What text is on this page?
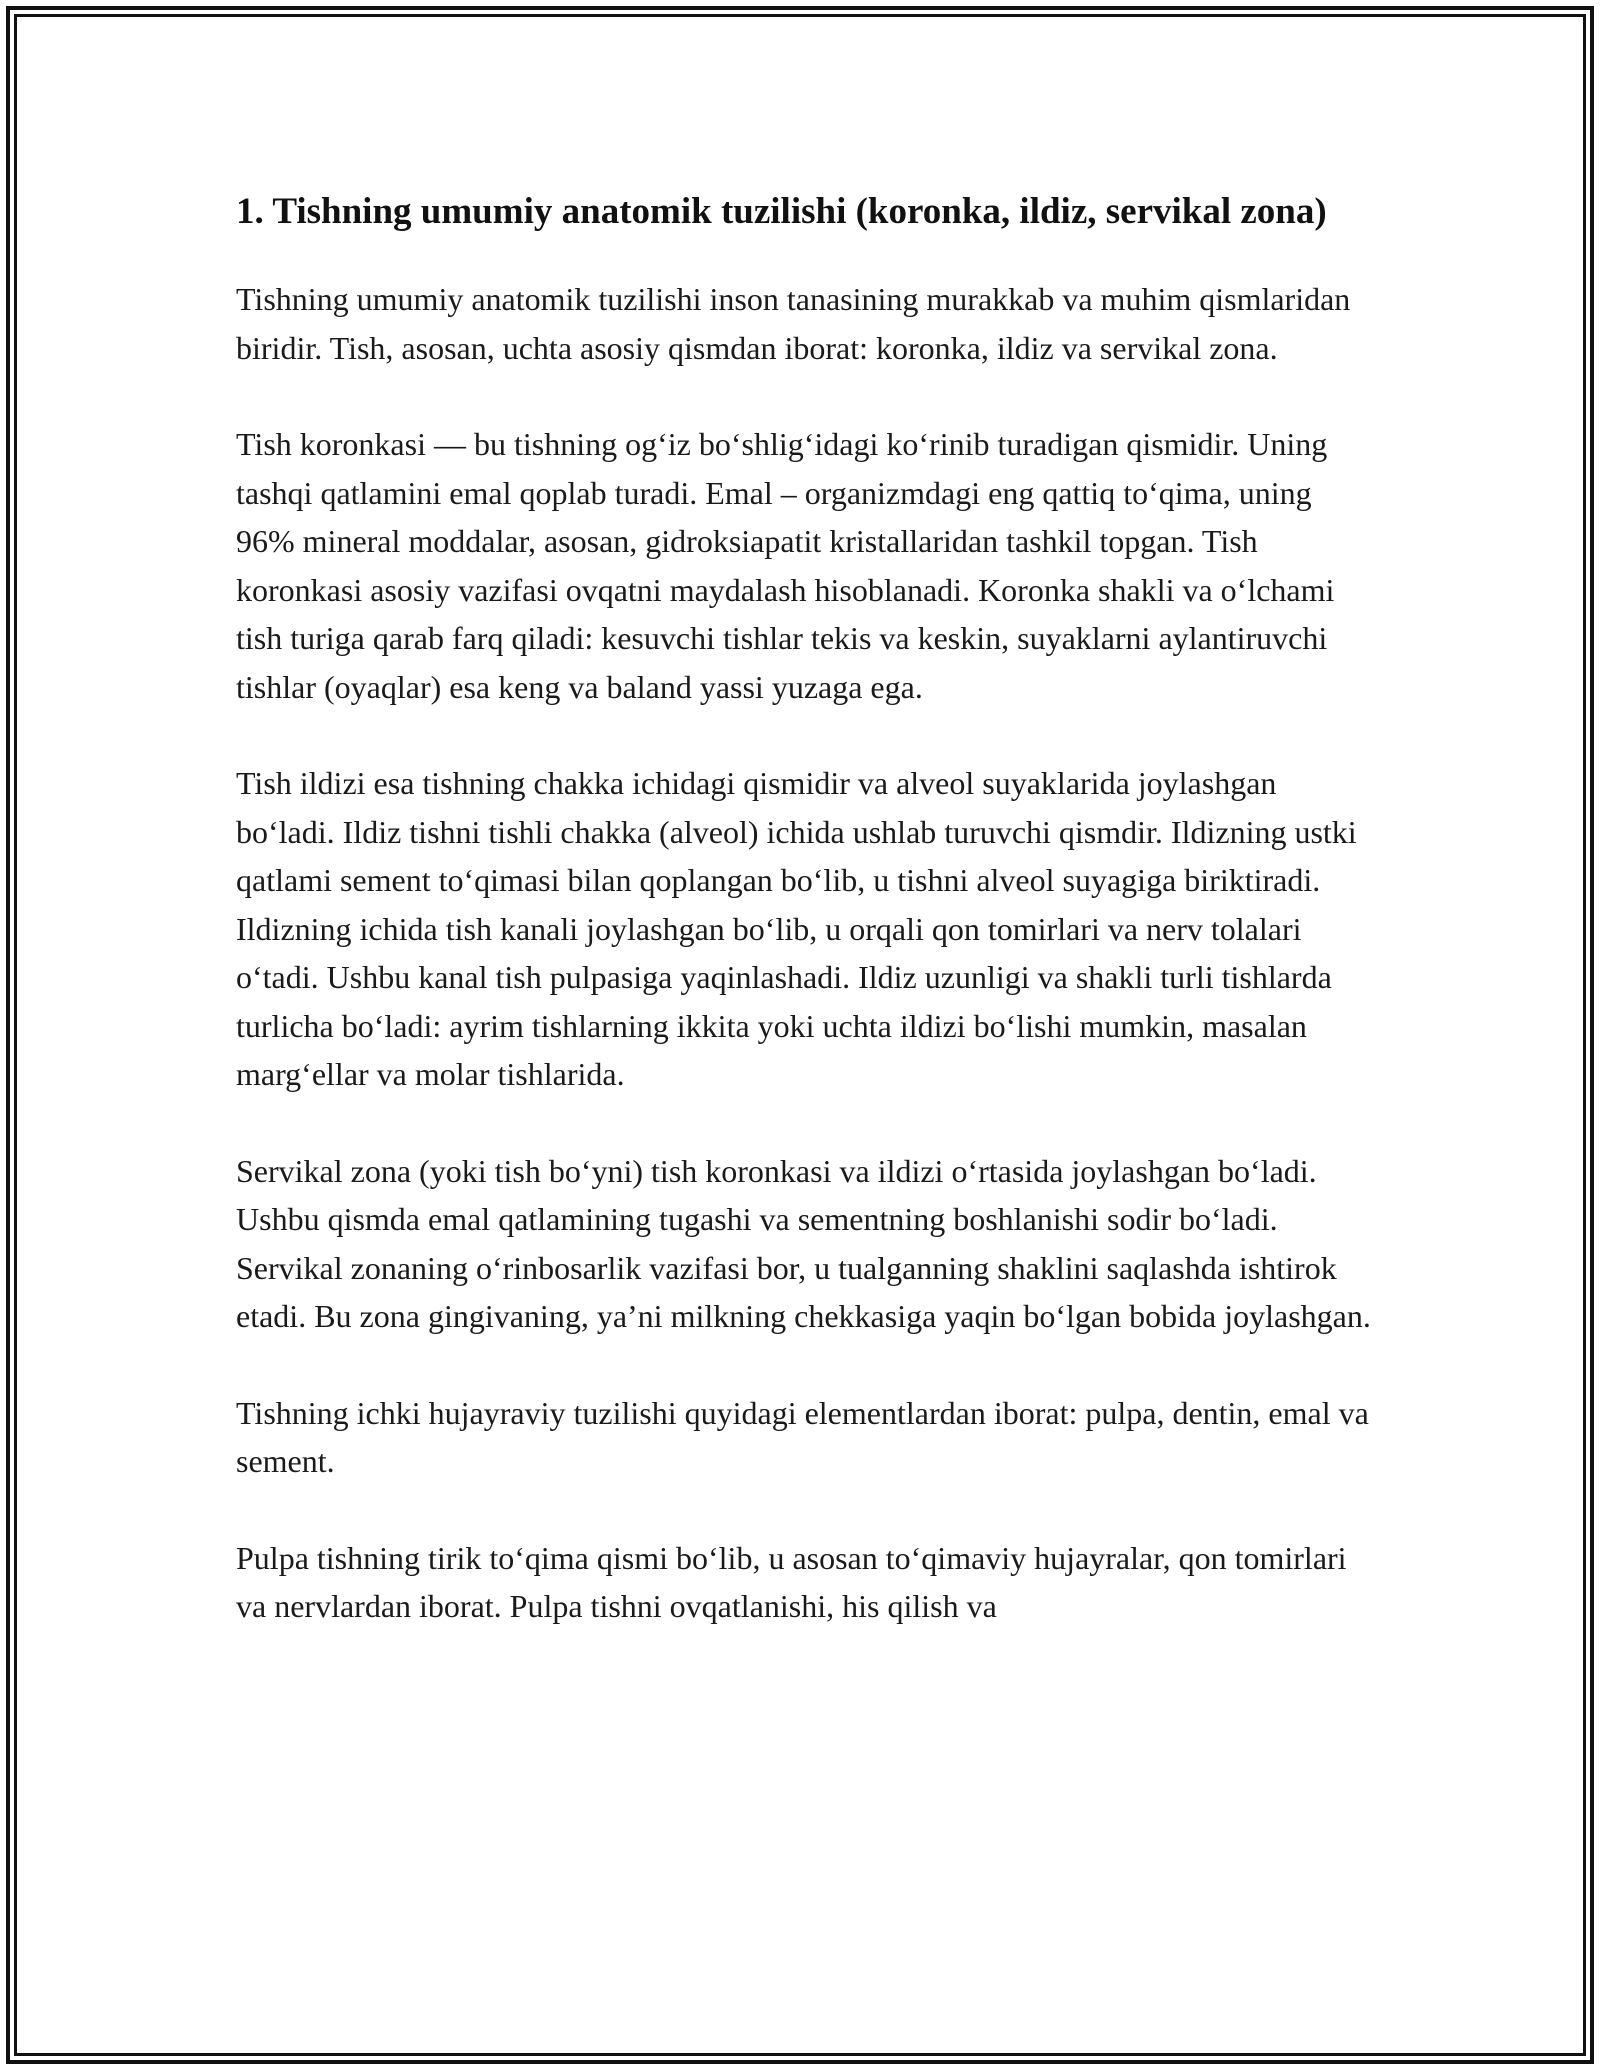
1. Tishning umumiy anatomik tuzilishi (koronka, ildiz, servikal zona)

Tishning umumiy anatomik tuzilishi inson tanasining murakkab va muhim qismlaridan biridir. Tish, asosan, uchta asosiy qismdan iborat: koronka, ildiz va servikal zona.

Tish koronkasi — bu tishning og‘iz bo‘shlig‘idagi ko‘rinib turadigan qismidir. Uning tashqi qatlamini emal qoplab turadi. Emal – organizmdagi eng qattiq to‘qima, uning 96% mineral moddalar, asosan, gidroksiapatit kristallaridan tashkil topgan. Tish koronkasi asosiy vazifasi ovqatni maydalash hisoblanadi. Koronka shakli va o‘lchami tish turiga qarab farq qiladi: kesuvchi tishlar tekis va keskin, suyaklarni aylantiruvchi tishlar (oyaqlar) esa keng va baland yassi yuzaga ega.

Tish ildizi esa tishning chakka ichidagi qismidir va alveol suyaklarida joylashgan bo‘ladi. Ildiz tishni tishli chakka (alveol) ichida ushlab turuvchi qismdir. Ildizning ustki qatlami sement to‘qimasi bilan qoplangan bo‘lib, u tishni alveol suyagiga biriktiradi. Ildizning ichida tish kanali joylashgan bo‘lib, u orqali qon tomirlari va nerv tolalari o‘tadi. Ushbu kanal tish pulpasiga yaqinlashadi. Ildiz uzunligi va shakli turli tishlarda turlicha bo‘ladi: ayrim tishlarning ikkita yoki uchta ildizi bo‘lishi mumkin, masalan marg‘ellar va molar tishlarida.

Servikal zona (yoki tish bo‘yni) tish koronkasi va ildizi o‘rtasida joylashgan bo‘ladi. Ushbu qismda emal qatlamining tugashi va sementning boshlanishi sodir bo‘ladi. Servikal zonaning o‘rinbosarlik vazifasi bor, u tualganning shaklini saqlashda ishtirok etadi. Bu zona gingivaning, ya’ni milkning chekkasiga yaqin bo‘lgan bobida joylashgan.

Tishning ichki hujayraviy tuzilishi quyidagi elementlardan iborat: pulpa, dentin, emal va sement.

Pulpa tishning tirik to‘qima qismi bo‘lib, u asosan to‘qimaviy hujayralar, qon tomirlari va nervlardan iborat. Pulpa tishni ovqatlanishi, his qilish va
